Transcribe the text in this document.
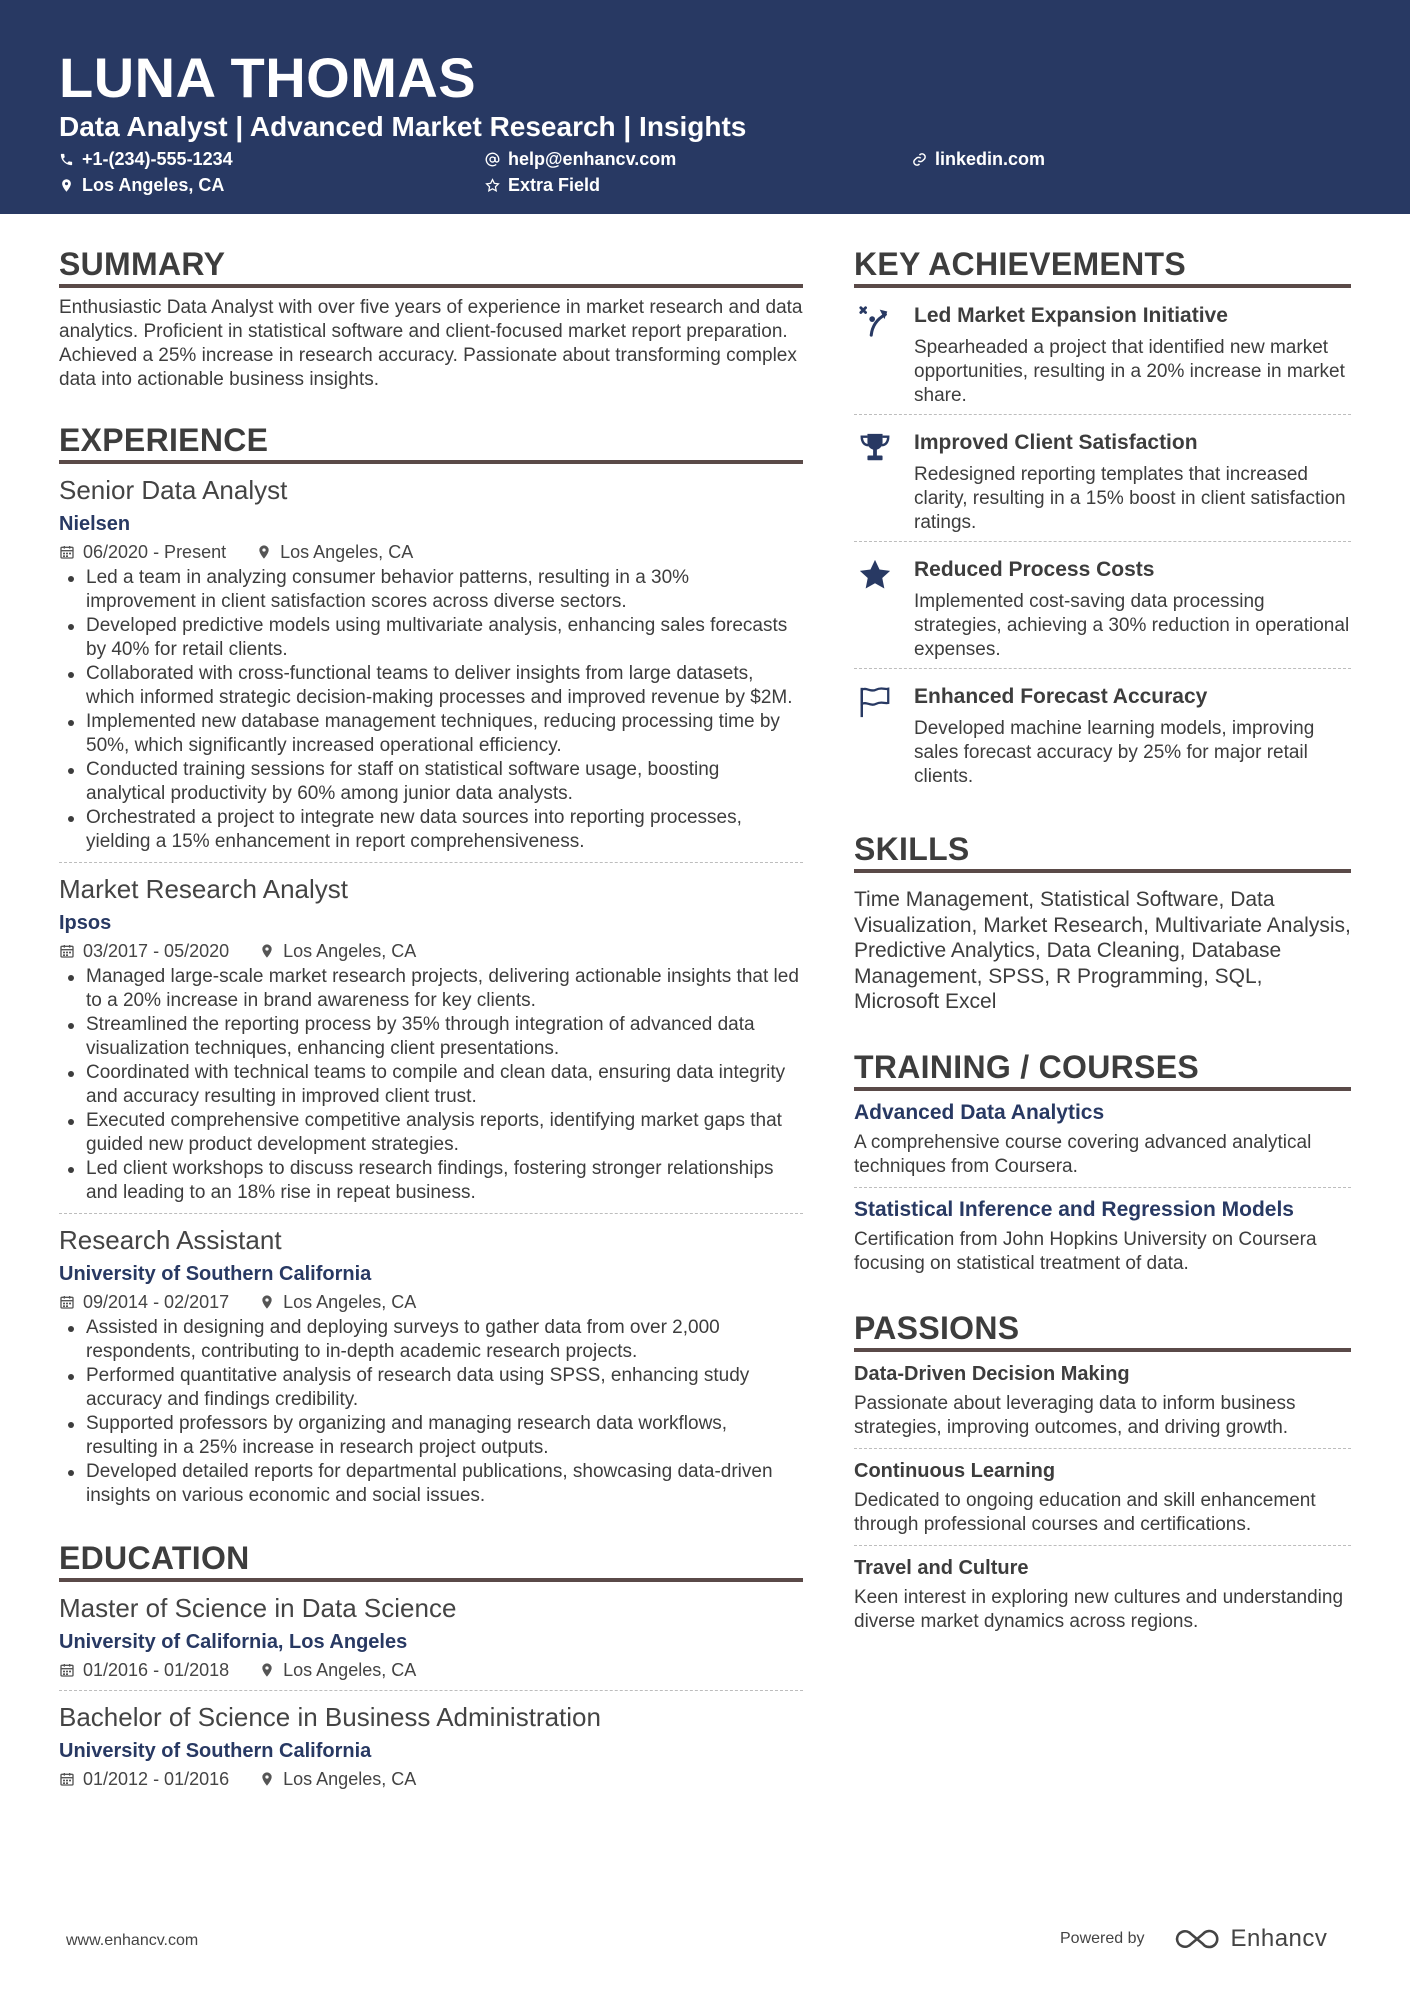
LUNA THOMAS
Data Analyst | Advanced Market Research | Insights
+1-(234)-555-1234	help@enhancv.com	linkedin.com
Los Angeles, CA	Extra Field
SUMMARY
Enthusiastic Data Analyst with over five years of experience in market research and data analytics. Proficient in statistical software and client-focused market report preparation. Achieved a 25% increase in research accuracy. Passionate about transforming complex data into actionable business insights.
EXPERIENCE
Senior Data Analyst
Nielsen
06/2020 - Present	Los Angeles, CA
Led a team in analyzing consumer behavior patterns, resulting in a 30% improvement in client satisfaction scores across diverse sectors.
Developed predictive models using multivariate analysis, enhancing sales forecasts by 40% for retail clients.
Collaborated with cross-functional teams to deliver insights from large datasets, which informed strategic decision-making processes and improved revenue by $2M.
Implemented new database management techniques, reducing processing time by 50%, which significantly increased operational efficiency.
Conducted training sessions for staff on statistical software usage, boosting analytical productivity by 60% among junior data analysts.
Orchestrated a project to integrate new data sources into reporting processes, yielding a 15% enhancement in report comprehensiveness.
Market Research Analyst
Ipsos
03/2017 - 05/2020	Los Angeles, CA
Managed large-scale market research projects, delivering actionable insights that led to a 20% increase in brand awareness for key clients.
Streamlined the reporting process by 35% through integration of advanced data visualization techniques, enhancing client presentations.
Coordinated with technical teams to compile and clean data, ensuring data integrity and accuracy resulting in improved client trust.
Executed comprehensive competitive analysis reports, identifying market gaps that guided new product development strategies.
Led client workshops to discuss research findings, fostering stronger relationships and leading to an 18% rise in repeat business.
Research Assistant
University of Southern California
09/2014 - 02/2017	Los Angeles, CA
Assisted in designing and deploying surveys to gather data from over 2,000 respondents, contributing to in-depth academic research projects.
Performed quantitative analysis of research data using SPSS, enhancing study accuracy and findings credibility.
Supported professors by organizing and managing research data workflows, resulting in a 25% increase in research project outputs.
Developed detailed reports for departmental publications, showcasing data-driven insights on various economic and social issues.
EDUCATION
Master of Science in Data Science
University of California, Los Angeles
01/2016 - 01/2018	Los Angeles, CA
Bachelor of Science in Business Administration
University of Southern California
01/2012 - 01/2016	Los Angeles, CA
KEY ACHIEVEMENTS
Led Market Expansion Initiative
Spearheaded a project that identified new market opportunities, resulting in a 20% increase in market share.
Improved Client Satisfaction
Redesigned reporting templates that increased clarity, resulting in a 15% boost in client satisfaction ratings.
Reduced Process Costs
Implemented cost-saving data processing strategies, achieving a 30% reduction in operational expenses.
Enhanced Forecast Accuracy
Developed machine learning models, improving sales forecast accuracy by 25% for major retail clients.
SKILLS
Time Management, Statistical Software, Data Visualization, Market Research, Multivariate Analysis, Predictive Analytics, Data Cleaning, Database Management, SPSS, R Programming, SQL, Microsoft Excel
TRAINING / COURSES
Advanced Data Analytics
A comprehensive course covering advanced analytical techniques from Coursera.
Statistical Inference and Regression Models
Certification from John Hopkins University on Coursera focusing on statistical treatment of data.
PASSIONS
Data-Driven Decision Making
Passionate about leveraging data to inform business strategies, improving outcomes, and driving growth.
Continuous Learning
Dedicated to ongoing education and skill enhancement through professional courses and certifications.
Travel and Culture
Keen interest in exploring new cultures and understanding diverse market dynamics across regions.
www.enhancv.com	Powered by	Enhancv
